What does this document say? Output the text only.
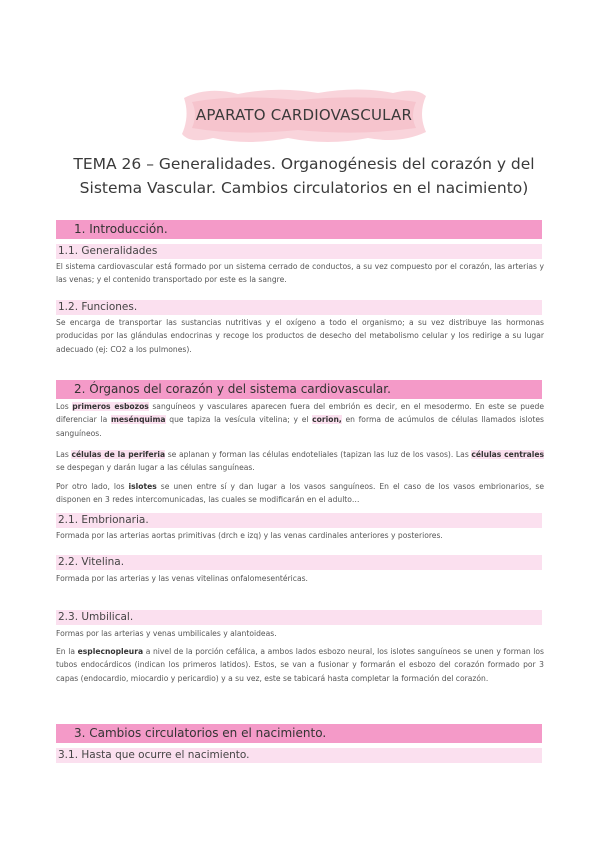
APARATO CARDIOVASCULAR
TEMA 26 – Generalidades. Organogénesis del corazón y del Sistema Vascular. Cambios circulatorios en el nacimiento)
1. Introducción.
1.1. Generalidades
El sistema cardiovascular está formado por un sistema cerrado de conductos, a su vez compuesto por el corazón, las arterias y las venas; y el contenido transportado por este es la sangre.
1.2. Funciones.
Se encarga de transportar las sustancias nutritivas y el oxígeno a todo el organismo; a su vez distribuye las hormonas producidas por las glándulas endocrinas y recoge los productos de desecho del metabolismo celular y los redirige a su lugar adecuado (ej: CO2 a los pulmones).
2. Órganos del corazón y del sistema cardiovascular.
Los primeros esbozos sanguíneos y vasculares aparecen fuera del embrión es decir, en el mesodermo. En este se puede diferenciar la mesénquima que tapiza la vesícula vitelina; y el corion, en forma de acúmulos de células llamados islotes sanguíneos.
Las células de la periferia se aplanan y forman las células endoteliales (tapizan las luz de los vasos). Las células centrales se despegan y darán lugar a las células sanguíneas.
Por otro lado, los islotes se unen entre sí y dan lugar a los vasos sanguíneos. En el caso de los vasos embrionarios, se disponen en 3 redes intercomunicadas, las cuales se modificarán en el adulto…
2.1. Embrionaria.
Formada por las arterias aortas primitivas (drch e izq) y las venas cardinales anteriores y posteriores.
2.2. Vitelina.
Formada por las arterias y las venas vitelinas onfalomesentéricas.
2.3. Umbilical.
Formas por las arterias y venas umbilicales y alantoideas.
En la esplecnopleura a nivel de la porción cefálica, a ambos lados esbozo neural, los islotes sanguíneos se unen y forman los tubos endocárdicos (indican los primeros latidos). Estos, se van a fusionar y formarán el esbozo del corazón formado por 3 capas (endocardio, miocardio y pericardio) y a su vez, este se tabicará hasta completar la formación del corazón.
3. Cambios circulatorios en el nacimiento.
3.1. Hasta que ocurre el nacimiento.
